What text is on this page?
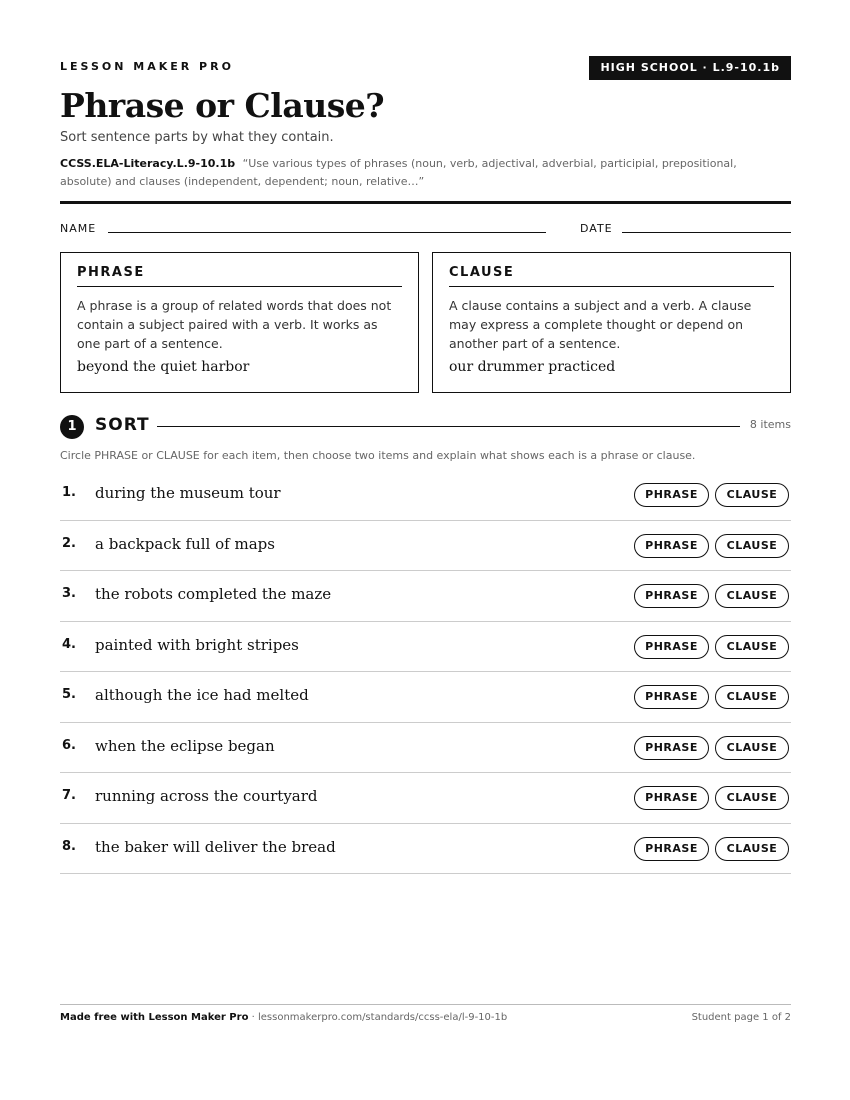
LESSON MAKER PRO	HIGH SCHOOL · L.9-10.1b
Phrase or Clause?
Sort sentence parts by what they contain.
CCSS.ELA-Literacy.L.9-10.1b “Use various types of phrases (noun, verb, adjectival, adverbial, participial, prepositional, absolute) and clauses (independent, dependent; noun, relative…”
NAME	DATE
PHRASE
A phrase is a group of related words that does not contain a subject paired with a verb. It works as one part of a sentence.
beyond the quiet harbor
CLAUSE
A clause contains a subject and a verb. A clause may express a complete thought or depend on another part of a sentence.
our drummer practiced
1	SORT	8 items
Circle PHRASE or CLAUSE for each item, then choose two items and explain what shows each is a phrase or clause.
1. during the museum tour	PHRASE	CLAUSE
2. a backpack full of maps	PHRASE	CLAUSE
3. the robots completed the maze	PHRASE	CLAUSE
4. painted with bright stripes	PHRASE	CLAUSE
5. although the ice had melted	PHRASE	CLAUSE
6. when the eclipse began	PHRASE	CLAUSE
7. running across the courtyard	PHRASE	CLAUSE
8. the baker will deliver the bread	PHRASE	CLAUSE
Made free with Lesson Maker Pro · lessonmakerpro.com/standards/ccss-ela/l-9-10-1b	Student page 1 of 2
